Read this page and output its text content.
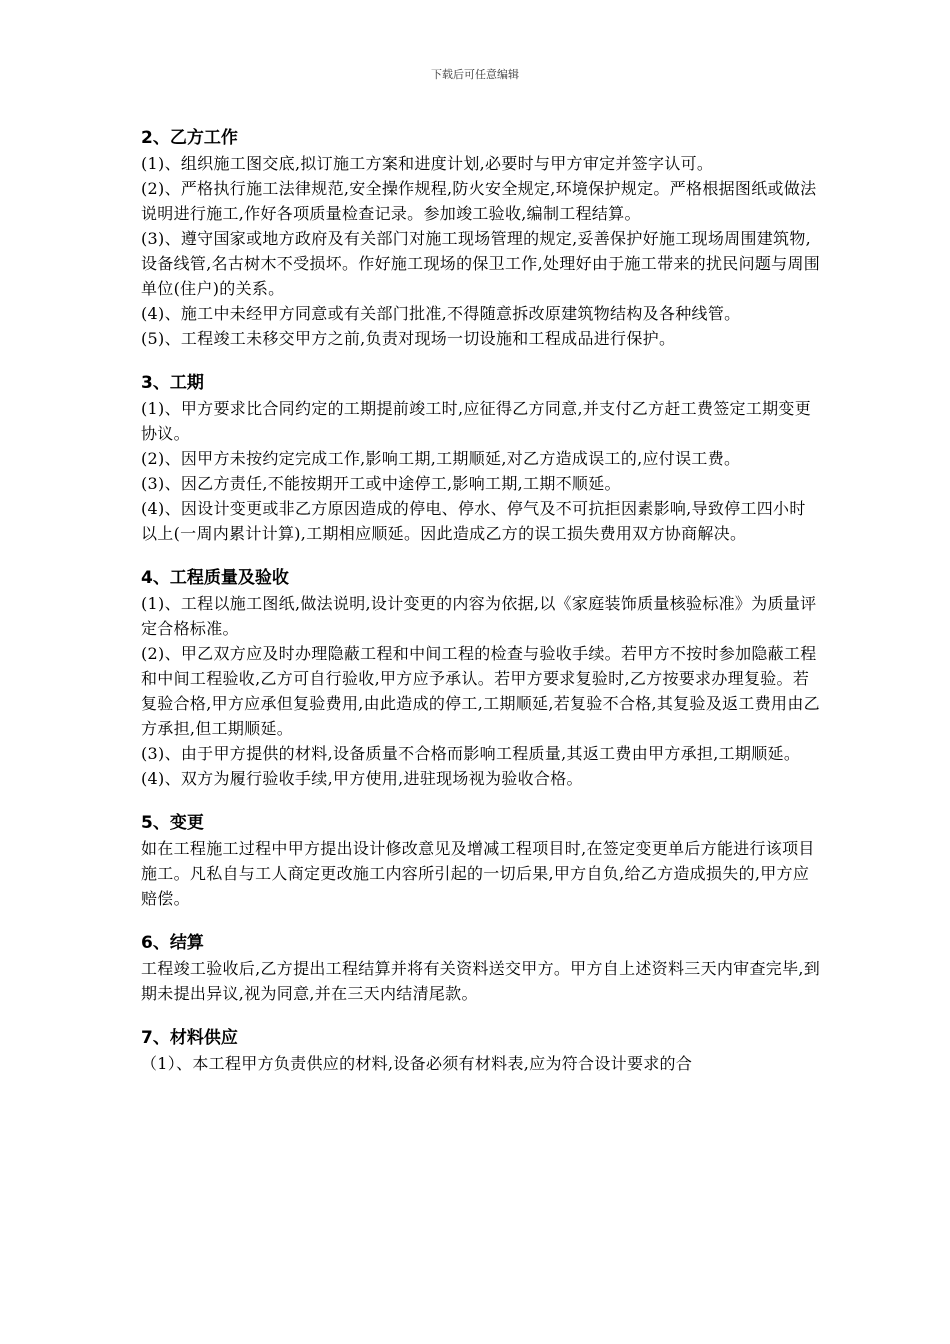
下载后可任意编辑

2、乙方工作

(1)、组织施工图交底,拟订施工方案和进度计划,必要时与甲方审定并签字认可。

(2)、严格执行施工法律规范,安全操作规程,防火安全规定,环境保护规定。严格根据图纸或做法说明进行施工,作好各项质量检查记录。参加竣工验收,编制工程结算。

(3)、遵守国家或地方政府及有关部门对施工现场管理的规定,妥善保护好施工现场周围建筑物,设备线管,名古树木不受损坏。作好施工现场的保卫工作,处理好由于施工带来的扰民问题与周围单位(住户)的关系。

(4)、施工中未经甲方同意或有关部门批准,不得随意拆改原建筑物结构及各种线管。

(5)、工程竣工未移交甲方之前,负责对现场一切设施和工程成品进行保护。

3、工期

(1)、甲方要求比合同约定的工期提前竣工时,应征得乙方同意,并支付乙方赶工费签定工期变更协议。

(2)、因甲方未按约定完成工作,影响工期,工期顺延,对乙方造成误工的,应付误工费。

(3)、因乙方责任,不能按期开工或中途停工,影响工期,工期不顺延。

(4)、因设计变更或非乙方原因造成的停电、停水、停气及不可抗拒因素影响,导致停工四小时以上(一周内累计计算),工期相应顺延。因此造成乙方的误工损失费用双方协商解决。

4、工程质量及验收

(1)、工程以施工图纸,做法说明,设计变更的内容为依据,以《家庭装饰质量核验标准》为质量评定合格标准。

(2)、甲乙双方应及时办理隐蔽工程和中间工程的检查与验收手续。若甲方不按时参加隐蔽工程和中间工程验收,乙方可自行验收,甲方应予承认。若甲方要求复验时,乙方按要求办理复验。若复验合格,甲方应承但复验费用,由此造成的停工,工期顺延,若复验不合格,其复验及返工费用由乙方承担,但工期顺延。

(3)、由于甲方提供的材料,设备质量不合格而影响工程质量,其返工费由甲方承担,工期顺延。

(4)、双方为履行验收手续,甲方使用,进驻现场视为验收合格。

5、变更

如在工程施工过程中甲方提出设计修改意见及增减工程项目时,在签定变更单后方能进行该项目施工。凡私自与工人商定更改施工内容所引起的一切后果,甲方自负,给乙方造成损失的,甲方应赔偿。

6、结算

工程竣工验收后,乙方提出工程结算并将有关资料送交甲方。甲方自上述资料三天内审查完毕,到期未提出异议,视为同意,并在三天内结清尾款。

7、材料供应

（1）、本工程甲方负责供应的材料,设备必须有材料表,应为符合设计要求的合
